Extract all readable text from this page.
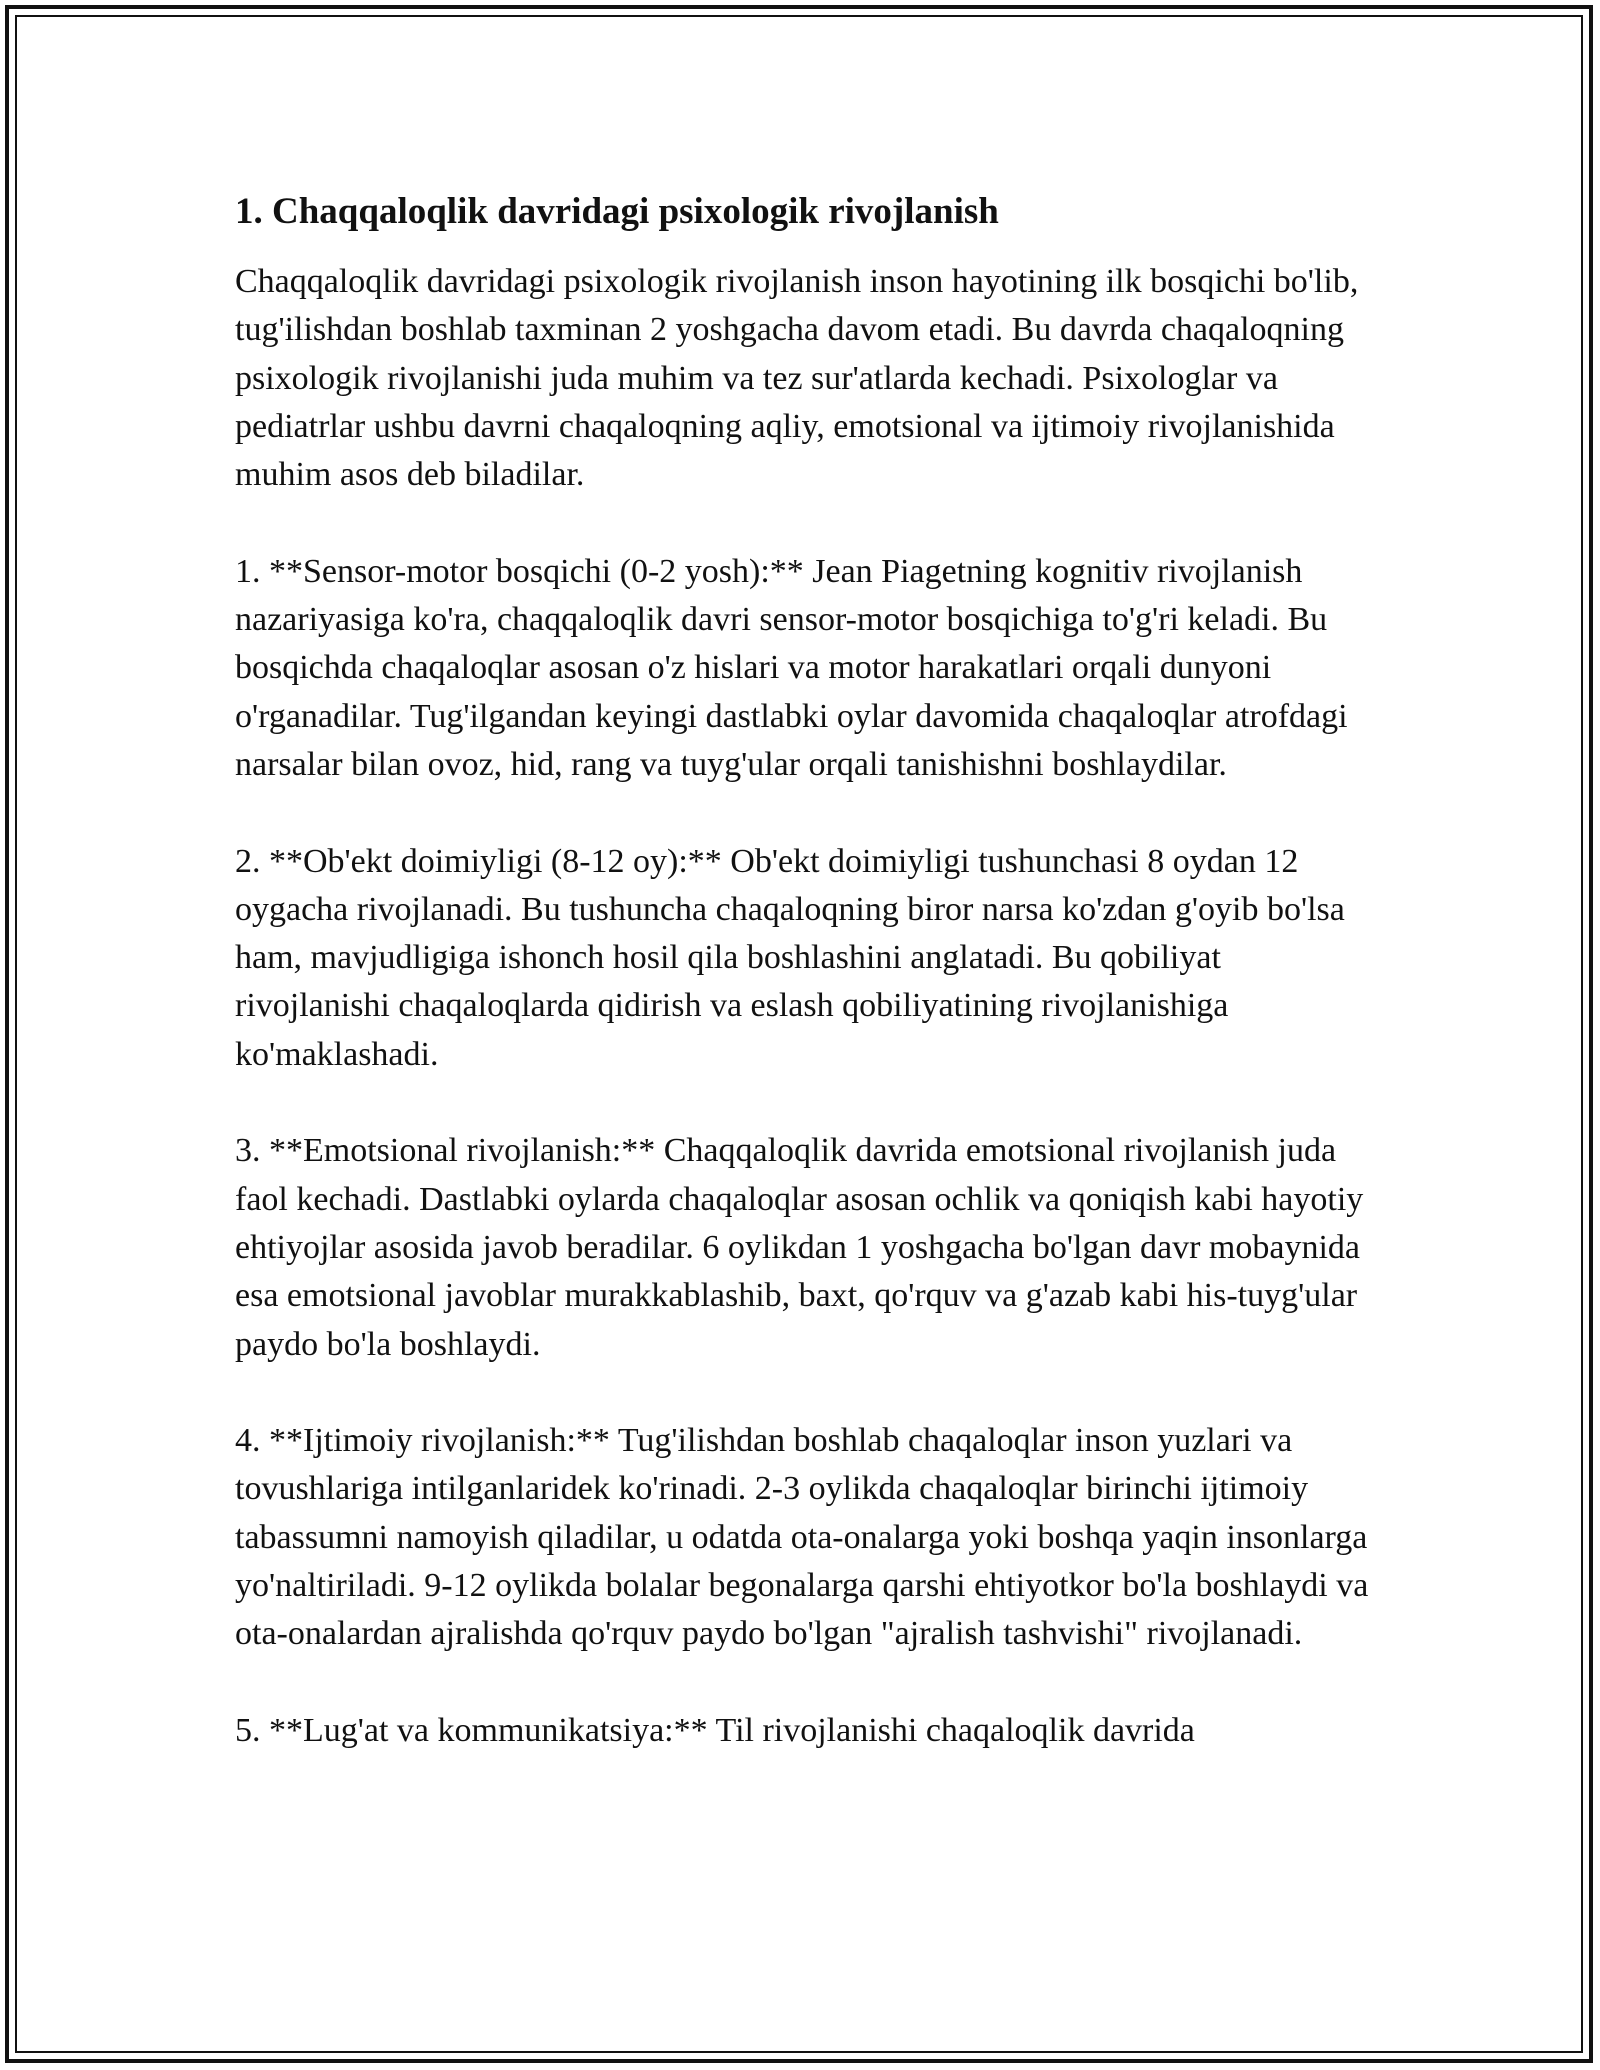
1. Chaqqaloqlik davridagi psixologik rivojlanish

Chaqqaloqlik davridagi psixologik rivojlanish inson hayotining ilk bosqichi bo'lib, tug'ilishdan boshlab taxminan 2 yoshgacha davom etadi. Bu davrda chaqaloqning psixologik rivojlanishi juda muhim va tez sur'atlarda kechadi. Psixologlar va pediatrlar ushbu davrni chaqaloqning aqliy, emotsional va ijtimoiy rivojlanishida muhim asos deb biladilar.

1. **Sensor-motor bosqichi (0-2 yosh):** Jean Piagetning kognitiv rivojlanish nazariyasiga ko'ra, chaqqaloqlik davri sensor-motor bosqichiga to'g'ri keladi. Bu bosqichda chaqaloqlar asosan o'z hislari va motor harakatlari orqali dunyoni o'rganadilar. Tug'ilgandan keyingi dastlabki oylar davomida chaqaloqlar atrofdagi narsalar bilan ovoz, hid, rang va tuyg'ular orqali tanishishni boshlaydilar.

2. **Ob'ekt doimiyligi (8-12 oy):** Ob'ekt doimiyligi tushunchasi 8 oydan 12 oygacha rivojlanadi. Bu tushuncha chaqaloqning biror narsa ko'zdan g'oyib bo'lsa ham, mavjudligiga ishonch hosil qila boshlashini anglatadi. Bu qobiliyat rivojlanishi chaqaloqlarda qidirish va eslash qobiliyatining rivojlanishiga ko'maklashadi.

3. **Emotsional rivojlanish:** Chaqqaloqlik davrida emotsional rivojlanish juda faol kechadi. Dastlabki oylarda chaqaloqlar asosan ochlik va qoniqish kabi hayotiy ehtiyojlar asosida javob beradilar. 6 oylikdan 1 yoshgacha bo'lgan davr mobaynida esa emotsional javoblar murakkablashib, baxt, qo'rquv va g'azab kabi his-tuyg'ular paydo bo'la boshlaydi.

4. **Ijtimoiy rivojlanish:** Tug'ilishdan boshlab chaqaloqlar inson yuzlari va tovushlariga intilganlaridek ko'rinadi. 2-3 oylikda chaqaloqlar birinchi ijtimoiy tabassumni namoyish qiladilar, u odatda ota-onalarga yoki boshqa yaqin insonlarga yo'naltiriladi. 9-12 oylikda bolalar begonalarga qarshi ehtiyotkor bo'la boshlaydi va ota-onalardan ajralishda qo'rquv paydo bo'lgan "ajralish tashvishi" rivojlanadi.

5. **Lug'at va kommunikatsiya:** Til rivojlanishi chaqaloqlik davrida
